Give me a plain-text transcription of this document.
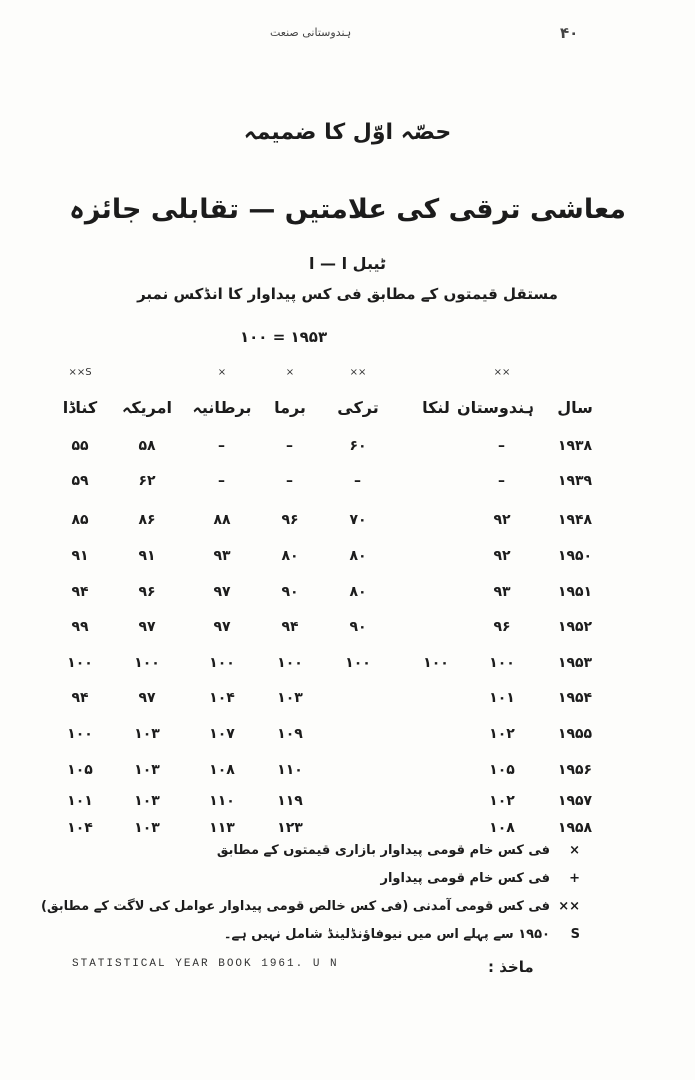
ہندوستانی صنعت	۴۰
حصّہ اوّل کا ضمیمہ
معاشی ترقی کی علامتیں — تقابلی جائزہ
ٹیبل ا — ا
مستقل قیمتوں کے مطابق فی کس پیداوار کا انڈکس نمبر
۱۹۵۳ = ۱۰۰
سال
ہندوستان
××
لنکا
ترکی
××
برما
×
برطانیہ
×
امریکہ
کناڈا
××S
۱۹۳۸
–
۶۰
–
–
۵۸
۵۵
۱۹۳۹
–
–
–
–
۶۲
۵۹
۱۹۴۸
۹۲
۷۰
۹۶
۸۸
۸۶
۸۵
۱۹۵۰
۹۲
۸۰
۸۰
۹۳
۹۱
۹۱
۱۹۵۱
۹۳
۸۰
۹۰
۹۷
۹۶
۹۴
۱۹۵۲
۹۶
۹۰
۹۴
۹۷
۹۷
۹۹
۱۹۵۳
۱۰۰
۱۰۰
۱۰۰
۱۰۰
۱۰۰
۱۰۰
۱۰۰
۱۹۵۴
۱۰۱
۱۰۳
۱۰۴
۹۷
۹۴
۱۹۵۵
۱۰۲
۱۰۹
۱۰۷
۱۰۳
۱۰۰
۱۹۵۶
۱۰۵
۱۱۰
۱۰۸
۱۰۳
۱۰۵
۱۹۵۷
۱۰۲
۱۱۹
۱۱۰
۱۰۳
۱۰۱
۱۹۵۸
۱۰۸
۱۲۳
۱۱۳
۱۰۳
۱۰۴
×
فی کس خام قومی پیداوار بازاری قیمتوں کے مطابق
+
فی کس خام قومی پیداوار
××
فی کس قومی آمدنی (فی کس خالص قومی پیداوار عوامل کی لاگت کے مطابق)
S
۱۹۵۰ سے پہلے اس میں نیوفاؤنڈلینڈ شامل نہیں ہے۔
ماخذ :
STATISTICAL YEAR BOOK 1961. U N
